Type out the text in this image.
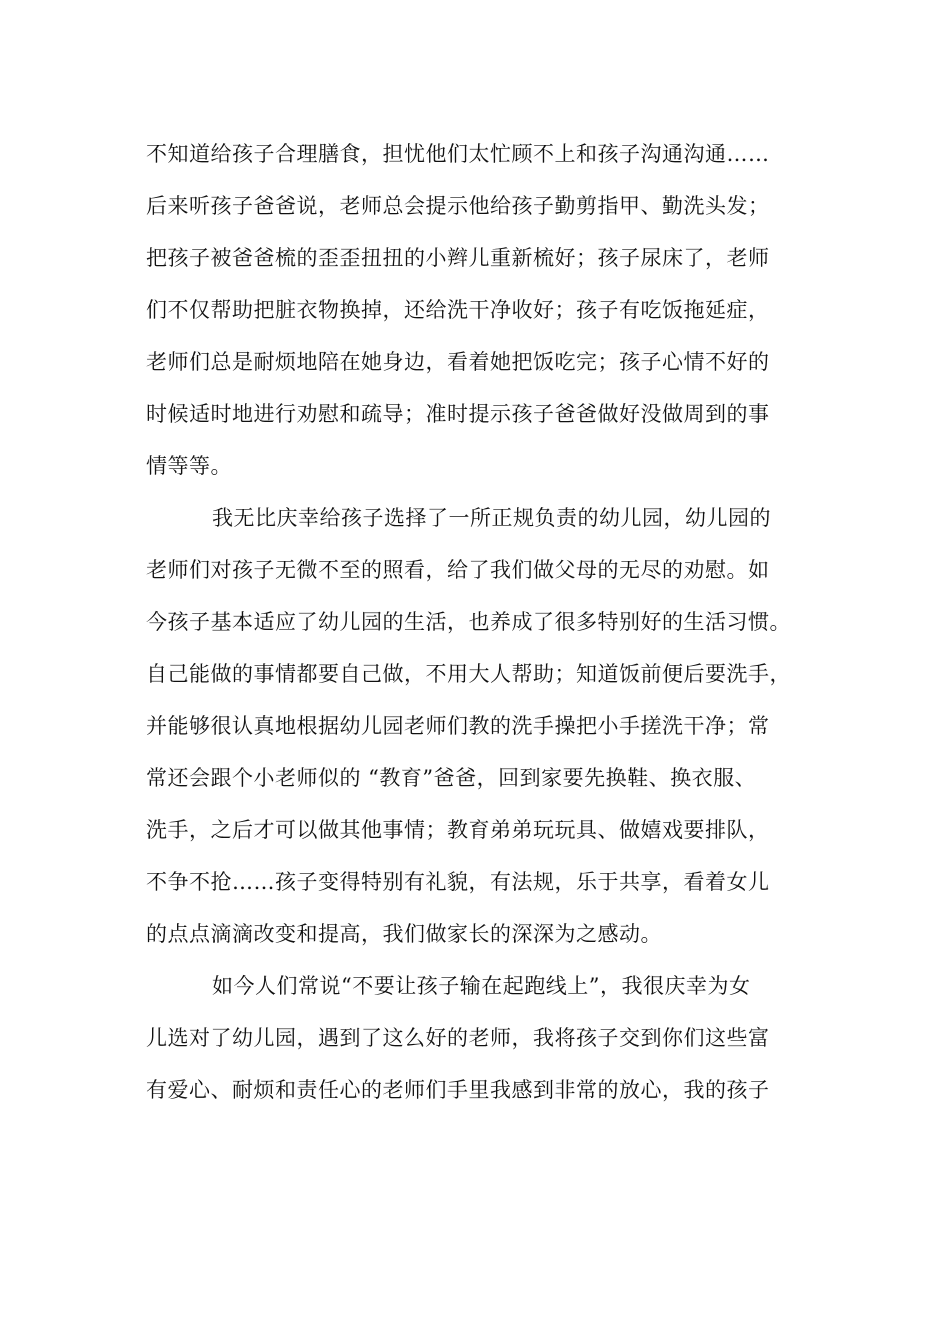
不知道给孩子合理膳食，担忧他们太忙顾不上和孩子沟通沟通……
后来听孩子爸爸说，老师总会提示他给孩子勤剪指甲、勤洗头发；
把孩子被爸爸梳的歪歪扭扭的小辫儿重新梳好；孩子尿床了，老师
们不仅帮助把脏衣物换掉，还给洗干净收好；孩子有吃饭拖延症，
老师们总是耐烦地陪在她身边，看着她把饭吃完；孩子心情不好的
时候适时地进行劝慰和疏导；准时提示孩子爸爸做好没做周到的事
情等等。
我无比庆幸给孩子选择了一所正规负责的幼儿园，幼儿园的
老师们对孩子无微不至的照看，给了我们做父母的无尽的劝慰。如
今孩子基本适应了幼儿园的生活，也养成了很多特别好的生活习惯。
自己能做的事情都要自己做，不用大人帮助；知道饭前便后要洗手，
并能够很认真地根据幼儿园老师们教的洗手操把小手搓洗干净；常
常还会跟个小老师似的 “教育”爸爸，回到家要先换鞋、换衣服、
洗手，之后才可以做其他事情；教育弟弟玩玩具、做嬉戏要排队，
不争不抢……孩子变得特别有礼貌，有法规，乐于共享，看着女儿
的点点滴滴改变和提高，我们做家长的深深为之感动。
如今人们常说“不要让孩子输在起跑线上”，我很庆幸为女
儿选对了幼儿园，遇到了这么好的老师，我将孩子交到你们这些富
有爱心、耐烦和责任心的老师们手里我感到非常的放心，我的孩子
